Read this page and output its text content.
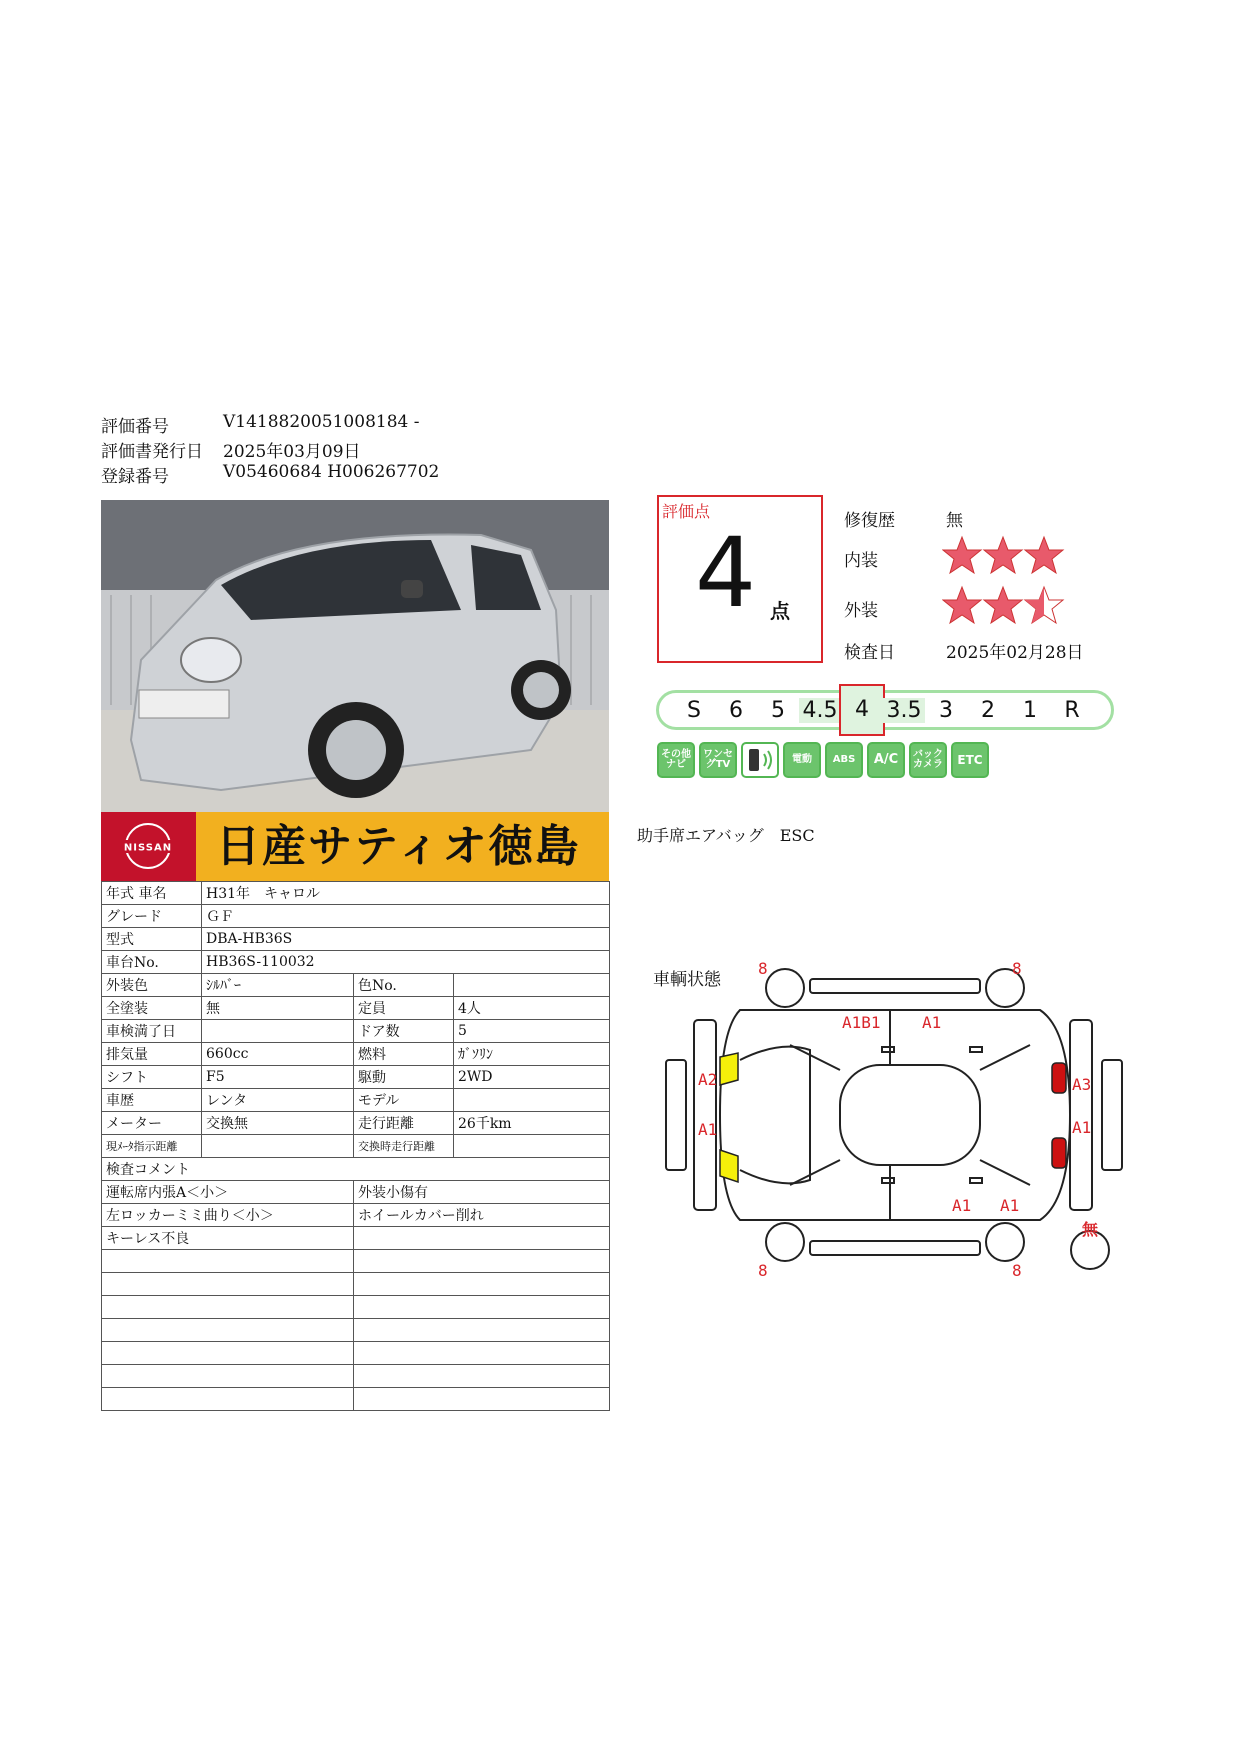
評価番号	V1418820051008184 -
評価書発行日	2025年03月09日
登録番号	V05460684 H006267702
NISSAN 日産サティオ徳島
年式 車名	H31年　キャロル		
グレード	ＧＦ		
型式	DBA-HB36S		
車台No.	HB36S-110032		
外装色	ｼﾙﾊﾞｰ	色No.	
全塗装	無	定員	4人
車検満了日		ドア数	5
排気量	660cc	燃料	ｶﾞｿﾘﾝ
シフト	F5	駆動	2WD
車歴	レンタ	モデル	
メーター	交換無	走行距離	26千km
現ﾒｰﾀ指示距離		交換時走行距離	
検査コメント			
運転席内張A＜小＞		外装小傷有	
左ロッカーミミ曲り＜小＞		ホイールカバー削れ	
キーレス不良			

評価点
4 点
修復歴	無
内装
外装
検査日	2025年02月28日
S	6	5 4.5 4 3.5 3	2	1	R
その他ナビ
ワンセグTV	電動	ABS	A/C	バックカメラ	ETC
助手席エアバッグ　ESC
車輌状態
8	8
8	8
無
A1B1	A1
A2
A1
A3
A1
A1 A1
